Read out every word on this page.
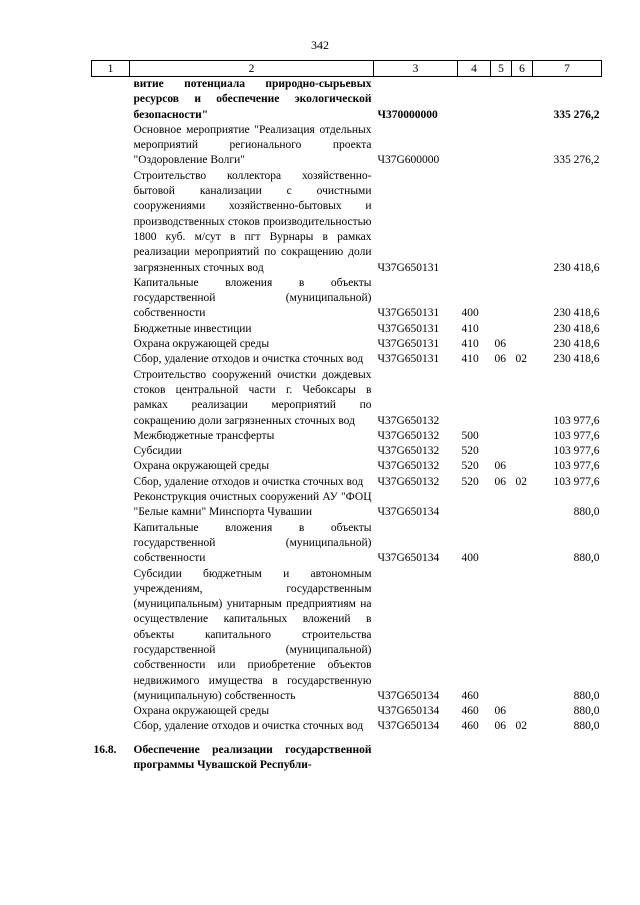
342
1	2	3	4	5	6	7
	витие потенциала природно-сырьевых ресурсов и обеспечение экологической безопасности"	Ч370000000				335 276,2
	Основное мероприятие "Реализация отдельных мероприятий регионального проекта "Оздоровление Волги"	Ч37G600000				335 276,2
	Строительство коллектора хозяйственно-бытовой канализации с очистными сооружениями хозяйственно-бытовых и производственных стоков производительностью 1800 куб. м/сут в пгт Вурнары в рамках реализации мероприятий по сокращению доли загрязненных сточных вод	Ч37G650131				230 418,6
	Капитальные вложения в объекты государственной (муниципальной) собственности	Ч37G650131	400			230 418,6
	Бюджетные инвестиции	Ч37G650131	410			230 418,6
	Охрана окружающей среды	Ч37G650131	410	06		230 418,6
	Сбор, удаление отходов и очистка сточных вод	Ч37G650131	410	06	02	230 418,6
	Строительство сооружений очистки дождевых стоков центральной части г. Чебоксары в рамках реализации мероприятий по сокращению доли загрязненных сточных вод	Ч37G650132				103 977,6
	Межбюджетные трансферты	Ч37G650132	500			103 977,6
	Субсидии	Ч37G650132	520			103 977,6
	Охрана окружающей среды	Ч37G650132	520	06		103 977,6
	Сбор, удаление отходов и очистка сточных вод	Ч37G650132	520	06	02	103 977,6
	Реконструкция очистных сооружений АУ "ФОЦ "Белые камни" Минспорта Чувашии	Ч37G650134				880,0
	Капитальные вложения в объекты государственной (муниципальной) собственности	Ч37G650134	400			880,0
	Субсидии бюджетным и автономным учреждениям, государственным (муниципальным) унитарным предприятиям на осуществление капитальных вложений в объекты капитального строительства государственной (муниципальной) собственности или приобретение объектов недвижимого имущества в государственную (муниципальную) собственность	Ч37G650134	460			880,0
	Охрана окружающей среды	Ч37G650134	460	06		880,0
	Сбор, удаление отходов и очистка сточных вод	Ч37G650134	460	06	02	880,0
16.8.	Обеспечение реализации государственной программы Чувашской Республи-					
